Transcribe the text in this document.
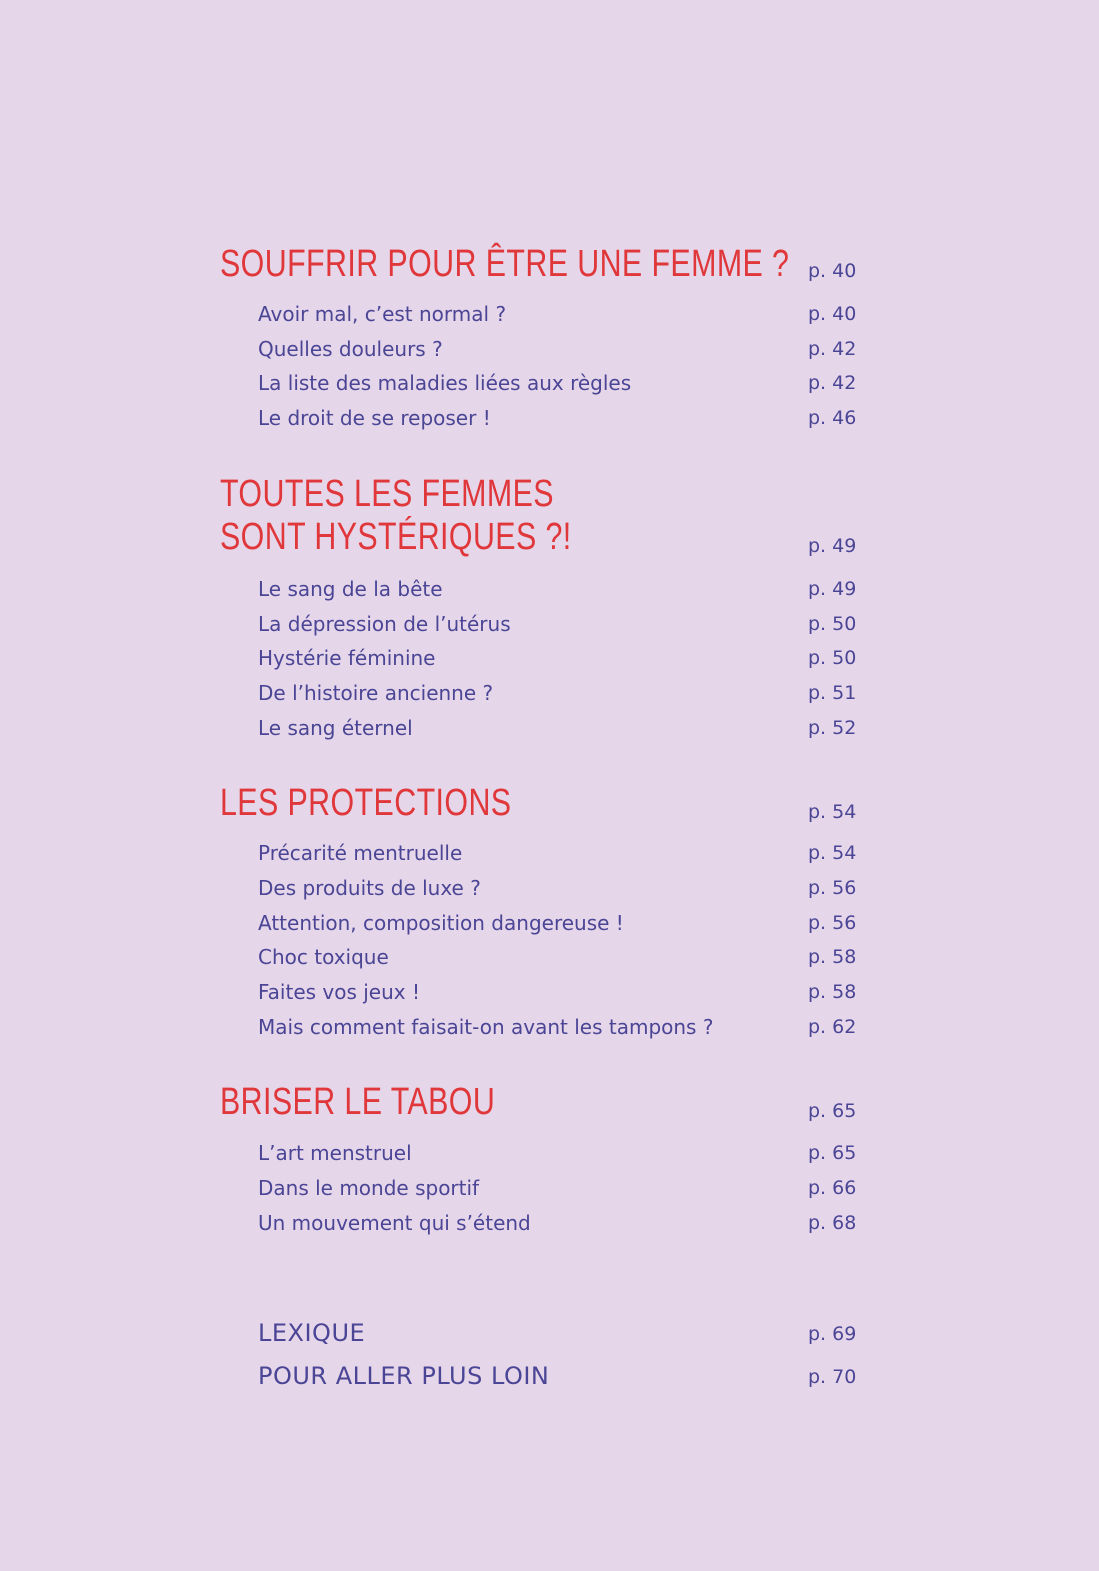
SOUFFRIR POUR ÊTRE UNE FEMME ? p. 40
Avoir mal, c’est normal ?	p. 40
Quelles douleurs ?	p. 42
La liste des maladies liées aux règles	p. 42
Le droit de se reposer !	p. 46
TOUTES LES FEMMES
SONT HYSTÉRIQUES ?!	p. 49
Le sang de la bête	p. 49
La dépression de l’utérus	p. 50
Hystérie féminine	p. 50
De l’histoire ancienne ?	p. 51
Le sang éternel	p. 52
LES PROTECTIONS	p. 54
Précarité mentruelle	p. 54
Des produits de luxe ?	p. 56
Attention, composition dangereuse !	p. 56
Choc toxique	p. 58
Faites vos jeux !	p. 58
Mais comment faisait-on avant les tampons ?	p. 62
BRISER LE TABOU	p. 65
L’art menstruel	p. 65
Dans le monde sportif	p. 66
Un mouvement qui s’étend	p. 68
LEXIQUE	p. 69
POUR ALLER PLUS LOIN	p. 70
